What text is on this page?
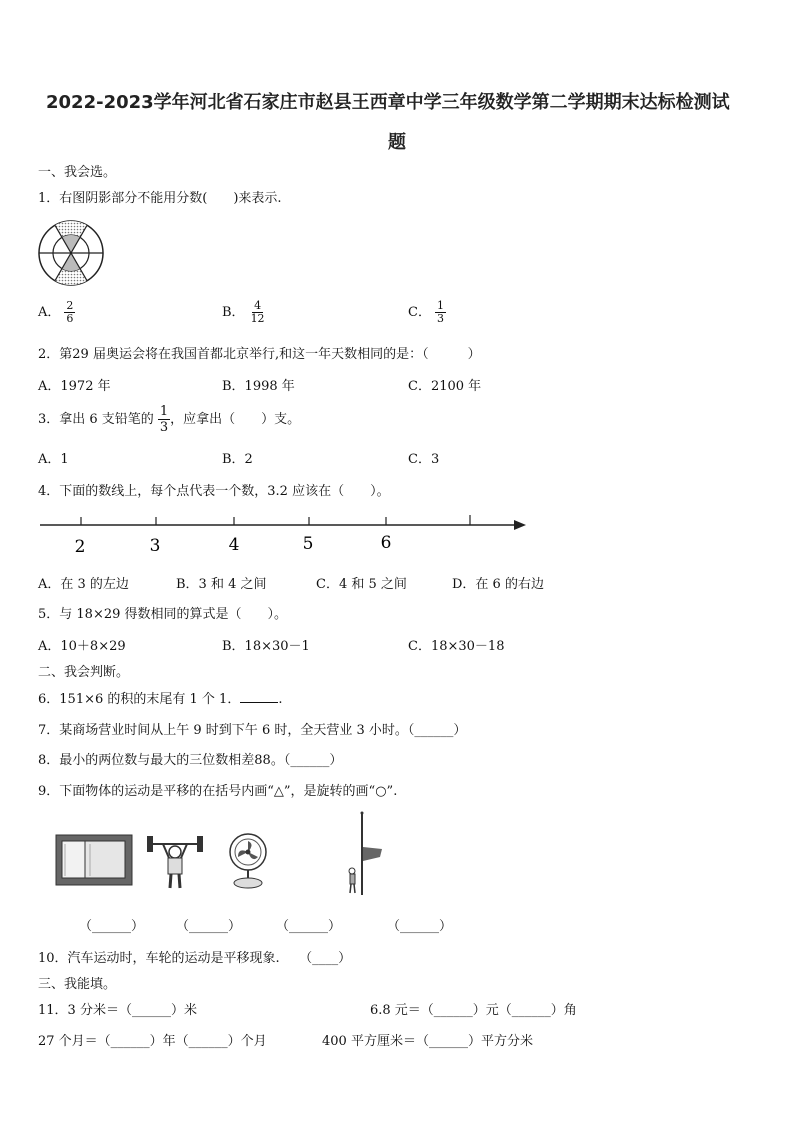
2022-2023学年河北省石家庄市赵县王西章中学三年级数学第二学期期末达标检测试
题
一、我会选。
1．右图阴影部分不能用分数(　　)来表示.
A． $\frac{2}{6}$	B． $\frac{4}{12}$	C． $\frac{1}{3}$
2．第29 届奥运会将在我国首都北京举行,和这一年天数相同的是：（　　　）
A．1972 年	B．1998 年	C．2100 年
3．拿出 6 支铅笔的 $\frac{1}{3}$ ，应拿出（　　）支。
A．1	B．2	C．3
4．下面的数线上，每个点代表一个数，3.2 应该在（　　）。
2	3	4	5	6
A．在 3 的左边	B．3 和 4 之间	C．4 和 5 之间	D．在 6 的右边
5．与 18×29 得数相同的算式是（　　）。
A．10＋8×29	B．18×30－1	C．18×30－18
二、我会判断。
6．151×6 的积的末尾有 1 个 1．	.
7．某商场营业时间从上午 9 时到下午 6 时，全天营业 3 小时。（______）
8．最小的两位数与最大的三位数相差88。（______）
9．下面物体的运动是平移的在括号内画“△”，是旋转的画“○”.
（______） （______）	（______）	（______）
10．汽车运动时，车轮的运动是平移现象.　　（____）
三、我能填。
11．3 分米＝（______）米	6.8 元＝（______）元（______）角
27 个月＝（______）年（______）个月	400 平方厘米＝（______）平方分米
